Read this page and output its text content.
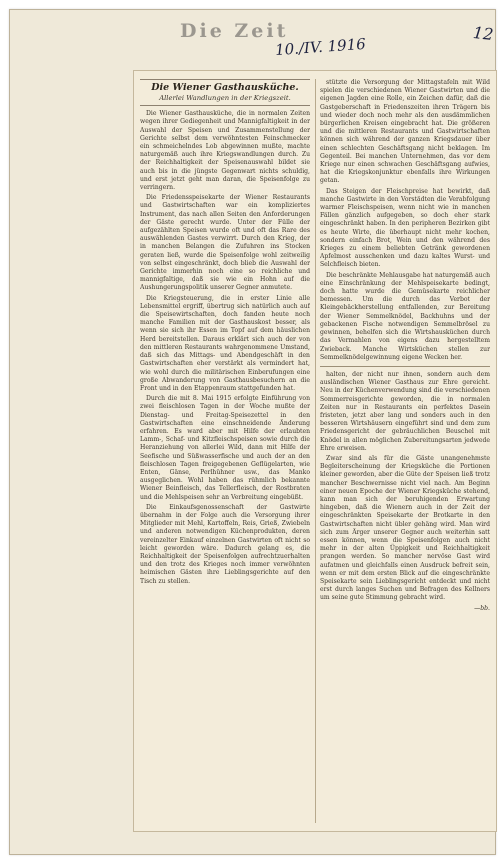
Die Zeit
10./IV. 1916
12
Die Wiener Gasthausküche.
Allerlei Wandlungen in der Kriegszeit.

Die Wiener Gasthausküche, die in normalen Zeiten wegen ihrer Gediegenheit und Mannigfaltigkeit in der Auswahl der Speisen und Zusammenstellung der Gerichte selbst dem verwöhntesten Feinschmecker ein schmeichelndes Lob abgewinnen mußte, machte naturgemäß auch ihre Kriegswandlungen durch. Zu der Reichhaltigkeit der Speisenauswahl bildet sie auch bis in die jüngste Gegenwart nichts schuldig, und erst jetzt geht man daran, die Speisenfolge zu verringern.

Die Friedensspeisekarte der Wiener Restaurants und Gastwirtschaften war ein kompliziertes Instrument, das nach allen Seiten den Anforderungen der Gäste gerecht wurde. Unter der Fülle der aufgezählten Speisen wurde oft und oft das Rare des auswählenden Gastes verwirrt. Durch den Krieg, der in manchen Belangen die Zufuhren ins Stocken geraten ließ, wurde die Speisenfolge wohl zeitweilig von selbst eingeschränkt, doch blieb die Auswahl der Gerichte immerhin noch eine so reichliche und mannigfaltige, daß sie wie ein Hohn auf die Aushungerungspolitik unserer Gegner anmutete.

Die Kriegsteuerung, die in erster Linie alle Lebensmittel ergriff, übertrug sich natürlich auch auf die Speisewirtschaften, doch fanden heute noch manche Familien mit der Gasthauskost besser, als wenn sie sich ihr Essen im Topf auf dem häuslichen Herd bereitstellen. Daraus erklärt sich auch der von den mittleren Restaurants wahrgenommene Umstand, daß sich das Mittags- und Abendgeschäft in den Gastwirtschaften eher verstärkt als vermindert hat, wie wohl durch die militärischen Einberufungen eine große Abwanderung von Gasthausbesuchern an die Front und in den Etappenraum stattgefunden hat.

Durch die mit 8. Mai 1915 erfolgte Einführung von zwei fleischlosen Tagen in der Woche mußte der Dienstag- und Freitag-Speisezettel in den Gastwirtschaften eine einschneidende Änderung erfahren. Es ward aber mit Hilfe der erlaubten Lamm-, Schaf- und Kitzfleischspeisen sowie durch die Heranziehung von allerlei Wild, dann mit Hilfe der Seefische und Süßwasserfische und auch der an den fleischlosen Tagen freigegebenen Geflügelarten, wie Enten, Gänse, Perlhühner usw., das Manko ausgeglichen. Wohl haben das rühmlich bekannte Wiener Beinfleisch, das Tellerfleisch, der Rostbraten und die Mehlspeisen sehr an Verbreitung eingebüßt.

Die Einkaufsgenossenschaft der Gastwirte übernahm in der Folge auch die Versorgung ihrer Mitglieder mit Mehl, Kartoffeln, Reis, Grieß, Zwiebeln und anderen notwendigen Küchenprodukten, deren vereinzelter Einkauf einzelnen Gastwirten oft nicht so leicht geworden wäre. Dadurch gelang es, die Reichhaltigkeit der Speisenfolgen aufrechtzuerhalten und den trotz des Krieges noch immer verwöhnten heimischen Gästen ihre Lieblingsgerichte auf den Tisch zu stellen.

stützte die Versorgung der Mittagstafeln mit Wild spielen die verschiedenen Wiener Gastwirten und die eigenen Jagden eine Rolle, ein Zeichen dafür, daß die Gastgeberschaft in Friedenszeiten ihren Trägern bis und wieder doch noch mehr als den ausdämmlichen bürgerlichen Kreisen eingebracht hat. Die größeren und die mittleren Restaurants und Gastwirtschaften können sich während der ganzen Kriegsdauer über einen schlechten Geschäftsgang nicht beklagen. Im Gegenteil. Bei manchen Unternehmen, das vor dem Kriege nur einen schwachen Geschäftsgang aufwies, hat die Kriegskonjunktur ebenfalls ihre Wirkungen getan.

Das Steigen der Fleischpreise hat bewirkt, daß manche Gastwirte in den Vorstädten die Verabfolgung warmer Fleischspeisen, wenn nicht wie in manchen Fällen gänzlich aufgegeben, so doch eher stark eingeschränkt haben. In den peripheren Bezirken gibt es heute Wirte, die überhaupt nicht mehr kochen, sondern einfach Brot, Wein und den während des Krieges zu einem beliebten Getränk gewordenen Apfelmost ausschenken und dazu kaltes Wurst- und Selchfleisch bieten.

Die beschränkte Mehlausgabe hat naturgemäß auch eine Einschränkung der Mehlspeisekarte bedingt, doch hatte wurde die Gemüsekarte reichlicher bemessen. Um die durch das Verbot der Kleingebäckherstellung entfallenden, zur Bereitung der Wiener Semmelknödel, Backhuhns und der gebackenen Fische notwendigen Semmelbrösel zu gewinnen, behelfen sich die Wirtshausküchen durch das Vermahlen von eigens dazu hergestelltem Zwieback. Manche Wirtsküchen stellen zur Semmelknödelgewinnung eigene Wecken her.

halten, der nicht nur ihnen, sondern auch dem ausländischen Wiener Gasthaus zur Ehre gereicht. Neu in der Küchenverwendung sind die verschiedenen Sommerreisgerichte geworden, die in normalen Zeiten nur in Restaurants ein perfektes Dasein fristeten, jetzt aber lang und sonders auch in den besseren Wirtshäusern eingeführt sind und dem zum Friedensgericht der gebräuchlichen Beuschel mit Knödel in allen möglichen Zubereitungsarten jedwede Ehre erweisen.

Zwar sind als für die Gäste unangenehmste Begleiterscheinung der Kriegsküche die Portionen kleiner geworden, aber die Güte der Speisen ließ trotz mancher Beschwernisse nicht viel nach. Am Beginn einer neuen Epoche der Wiener Kriegsküche stehend, kann man sich der beruhigenden Erwartung hingeben, daß die Wienern auch in der Zeit der eingeschränkten Speisekarte der Brotkarte in den Gastwirtschaften nicht übler gehäng wird. Man wird sich zum Ärger unserer Gegner auch weiterhin satt essen können, wenn die Speisenfolgen auch nicht mehr in der alten Üppigkeit und Reichhaltigkeit prangen werden. So mancher nervöse Gast wird aufatmen und gleichfalls einen Ausdruck befreit sein, wenn er mit dem ersten Blick auf die eingeschränkte Speisekarte sein Lieblingsgericht entdeckt und nicht erst durch langes Suchen und Befragen des Kellners um seine gute Stimmung gebracht wird.

—bb.
